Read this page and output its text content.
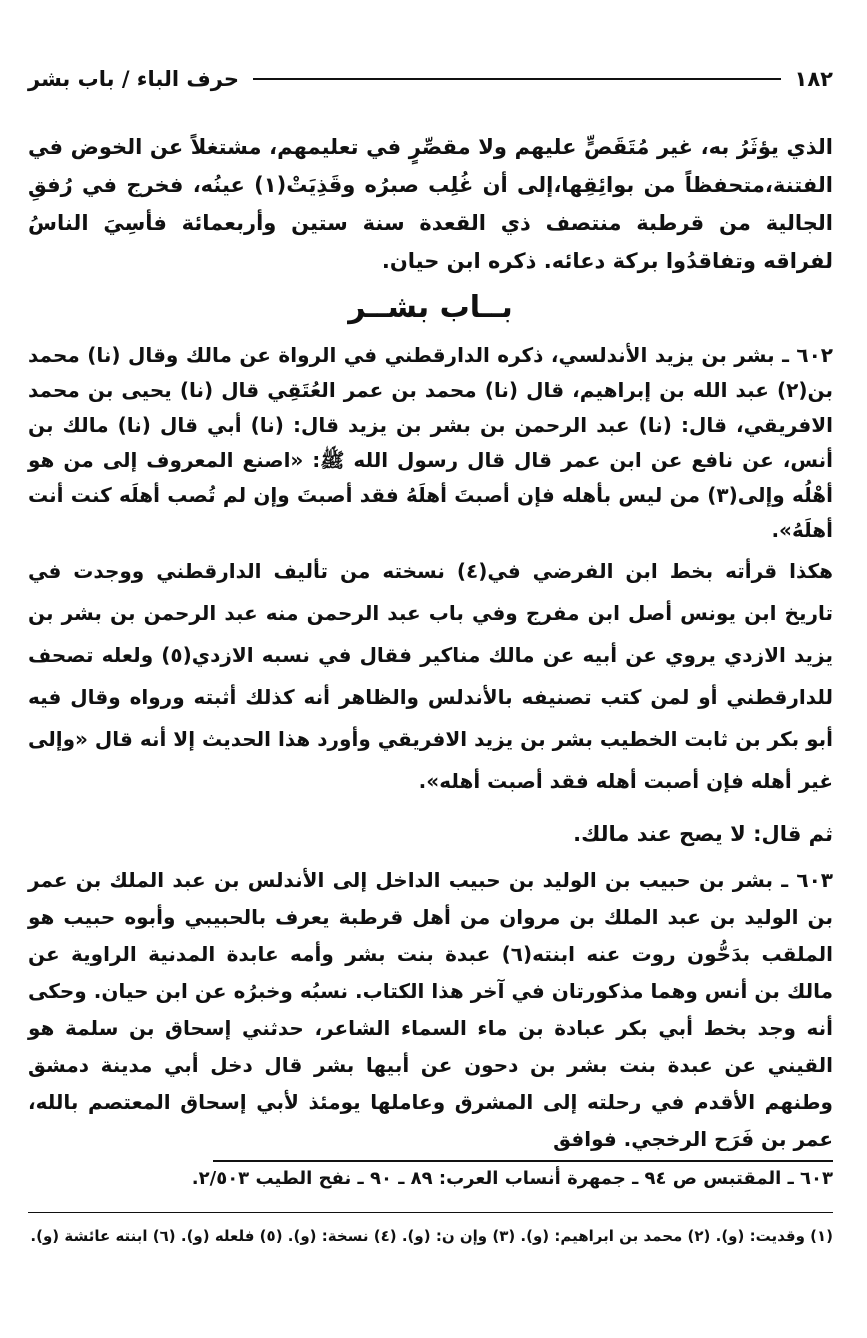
١٨٢
حرف الباء / باب بشر

الذي يؤثَرُ به، غير مُتَقَصٍّ عليهم ولا مقصِّرٍ في تعليمهم، مشتغلاً عن الخوض في الفتنة،متحفظاً من بوائِقِها،إلى أن غُلِب صبرُه وقَذِيَتْ(١) عينُه، فخرج في رُفقِ الجالية من قرطبة منتصف ذي القعدة سنة ستين وأربعمائة فأسِيَ الناسُ لفراقه وتفاقدُوا بركة دعائه. ذكره ابن حيان.

بــاب بشــر

٦٠٢ ـ بشر بن يزيد الأندلسي، ذكره الدارقطني في الرواة عن مالك وقال (نا) محمد بن(٢) عبد الله بن إبراهيم، قال (نا) محمد بن عمر العُتَقِي قال (نا) يحيى بن محمد الافريقي، قال: (نا) عبد الرحمن بن بشر بن يزيد قال: (نا) أبي قال (نا) مالك بن أنس، عن نافع عن ابن عمر قال قال رسول الله ﷺ: «اصنع المعروف إلى من هو أهْلُه وإلى(٣) من ليس بأهله فإن أصبتَ أهلَهُ فقد أصبتَ وإن لم تُصب أهلَه كنت أنت أهلَهُ».

هكذا قرأته بخط ابن الفرضي في(٤) نسخته من تأليف الدارقطني ووجدت في تاريخ ابن يونس أصل ابن مفرج وفي باب عبد الرحمن منه عبد الرحمن بن بشر بن يزيد الازدي يروي عن أبيه عن مالك مناكير فقال في نسبه الازدي(٥) ولعله تصحف للدارقطني أو لمن كتب تصنيفه بالأندلس والظاهر أنه كذلك أثبته ورواه وقال فيه أبو بكر بن ثابت الخطيب بشر بن يزيد الافريقي وأورد هذا الحديث إلا أنه قال «وإلى غير أهله فإن أصبت أهله فقد أصبت أهله».

ثم قال: لا يصح عند مالك.

٦٠٣ ـ بشر بن حبيب بن الوليد بن حبيب الداخل إلى الأندلس بن عبد الملك بن عمر بن الوليد بن عبد الملك بن مروان من أهل قرطبة يعرف بالحبيبي وأبوه حبيب هو الملقب بدَحُّون روت عنه ابنته(٦) عبدة بنت بشر وأمه عابدة المدنية الراوية عن مالك بن أنس وهما مذكورتان في آخر هذا الكتاب. نسبُه وخبرُه عن ابن حيان. وحكى أنه وجد بخط أبي بكر عبادة بن ماء السماء الشاعر، حدثني إسحاق بن سلمة هو القيني عن عبدة بنت بشر بن دحون عن أبيها بشر قال دخل أبي مدينة دمشق وطنهم الأقدم في رحلته إلى المشرق وعاملها يومئذ لأبي إسحاق المعتصم بالله، عمر بن فَرَح الرخجي. فوافق

٦٠٣ ـ المقتبس ص ٩٤ ـ جمهرة أنساب العرب: ٨٩ ـ ٩٠ ـ نفح الطيب ٢/٥٠٣.
(١) وقديت: (و). (٢) محمد بن ابراهيم: (و). (٣) وإن ن: (و). (٤) نسخة: (و). (٥) فلعله (و). (٦) ابنته عائشة (و).
